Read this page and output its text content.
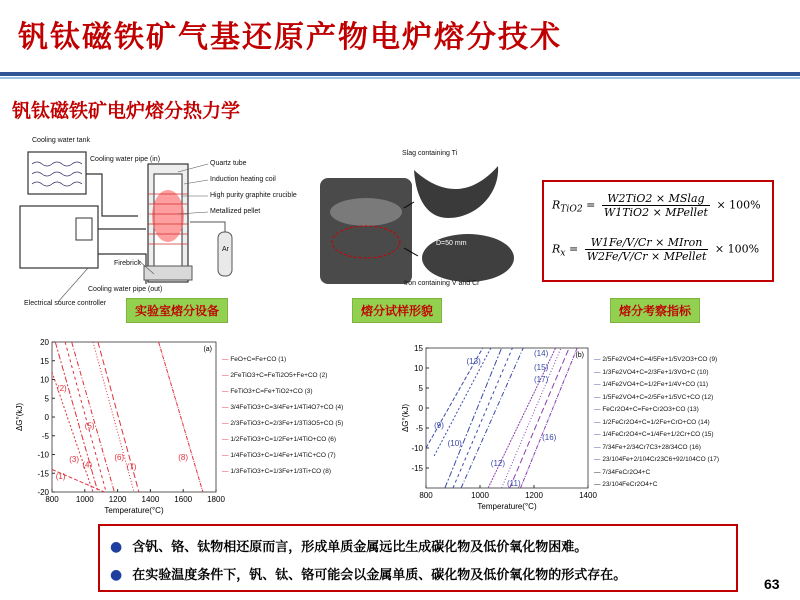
钒钛磁铁矿气基还原产物电炉熔分技术
钒钛磁铁矿电炉熔分热力学
Cooling water tank
Cooling water pipe (in)
Quartz tube
Induction heating coil
High purity graphite crucible
Metallized pellet
Firebrick
Ar
Cooling water pipe (out)
Electrical source controller
实验室熔分设备
Slag containing Ti
D=50 mm
Iron containing V and Cr
熔分试样形貌
$R_{TiO2} = \frac{\text{W2TiO2 × MSlag}}{\text{W1TiO2 × MPellet}} \times 100\%$
$R_x = \frac{\text{W1Fe/V/Cr × MIron}}{\text{W2Fe/V/Cr × MPellet}} \times 100\%$
熔分考察指标
800 1000 1200 1400 1600 1800
20
15
10
5
0
-5
-10
-15
-20
Temperature(°C)
ΔG°(kJ)
(a)
(1)
(2)
(3)
(4)
(5)
(6)
(7)
(8)
— FeO+C=Fe+CO (1)
— 2FeTiO3+C=FeTi2O5+Fe+CO (2)
— FeTiO3+C=Fe+TiO2+CO (3)
— 3/4FeTiO3+C=3/4Fe+1/4Ti4O7+CO (4)
— 2/3FeTiO3+C=2/3Fe+1/3Ti3O5+CO (5)
— 1/2FeTiO3+C=1/2Fe+1/4TiO+CO (6)
— 1/4FeTiO3+C=1/4Fe+1/4TiC+CO (7)
— 1/3FeTiO3+C=1/3Fe+1/3Ti+CO (8)
800	1000	1200	1400
-15
-10
-5
0
5
10
15
Temperature(°C)
ΔG°(kJ)
(b)
(9)
(10)
(11)
(12)
(13)
(14)
(15)
(16)
(17)
— 2/5Fe2VO4+C=4/5Fe+1/5V2O3+CO (9)
— 1/3Fe2VO4+C=2/3Fe+1/3VO+C (10)
— 1/4Fe2VO4+C=1/2Fe+1/4V+CO (11)
— 1/5Fe2VO4+C=2/5Fe+1/5VC+CO (12)
— FeCr2O4+C=Fe+Cr2O3+CO (13)
— 1/2FeCr2O4+C=1/2Fe+CrO+CO (14)
— 1/4FeCr2O4+C=1/4Fe+1/2Cr+CO (15)
— 7/34Fe+2/34Cr7C3+28/34CO (16)
— 23/104Fe+2/104Cr23C6+92/104CO (17)
— 7/34FeCr2O4+C
— 23/104FeCr2O4+C
● 含钒、铬、钛物相还原而言，形成单质金属远比生成碳化物及低价氧化物困难。
● 在实验温度条件下，钒、钛、铬可能会以金属单质、碳化物及低价氧化物的形式存在。
63
